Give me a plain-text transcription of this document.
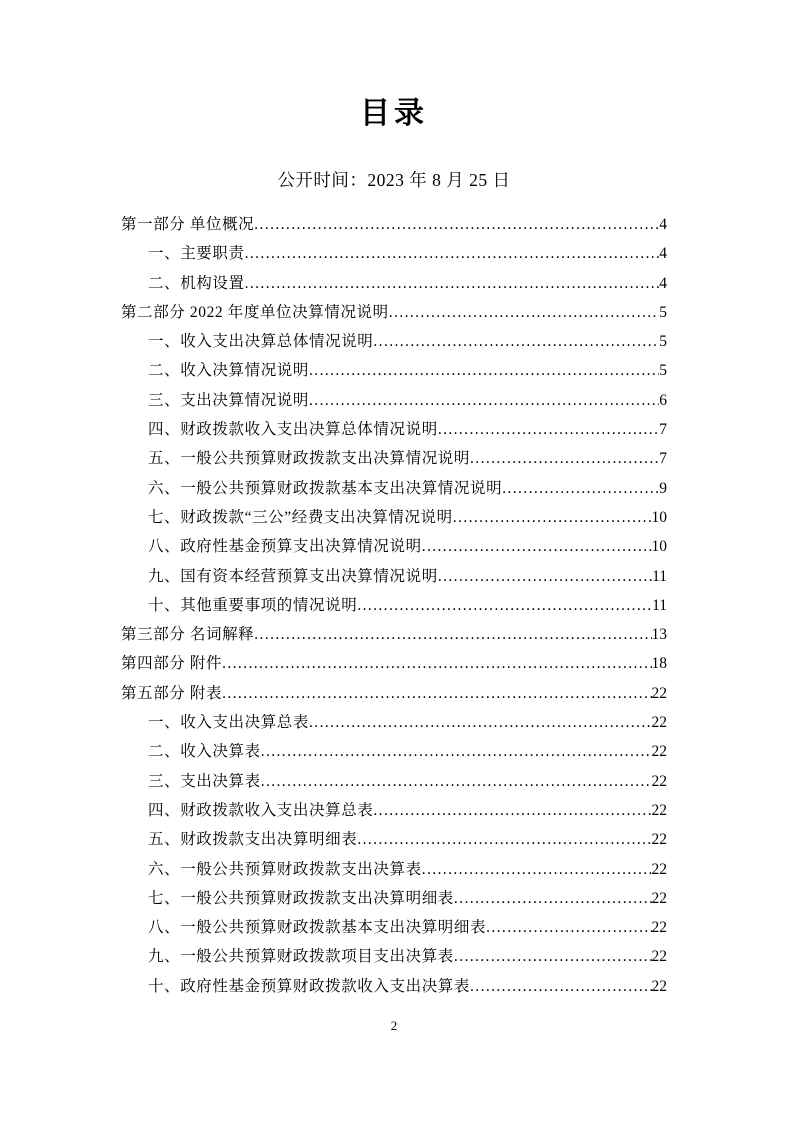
目录
公开时间：2023 年 8 月 25 日
第一部分 单位概况 .....	4
一、主要职责 .....	4
二、机构设置 .....	4
第二部分 2022 年度单位决算情况说明 .....	5
一、收入支出决算总体情况说明 .....	5
二、收入决算情况说明 .....	5
三、支出决算情况说明 .....	6
四、财政拨款收入支出决算总体情况说明 .....	7
五、一般公共预算财政拨款支出决算情况说明 .....	7
六、一般公共预算财政拨款基本支出决算情况说明 .....	9
七、财政拨款“三公”经费支出决算情况说明 .....	10
八、政府性基金预算支出决算情况说明 .....	10
九、国有资本经营预算支出决算情况说明 .....	11
十、其他重要事项的情况说明 .....	11
第三部分 名词解释 .....	13
第四部分 附件 .....	18
第五部分 附表 .....	22
一、收入支出决算总表 .....	22
二、收入决算表 .....	22
三、支出决算表 .....	22
四、财政拨款收入支出决算总表 .....	22
五、财政拨款支出决算明细表 .....	22
六、一般公共预算财政拨款支出决算表 .....	22
七、一般公共预算财政拨款支出决算明细表 .....	22
八、一般公共预算财政拨款基本支出决算明细表 .....	22
九、一般公共预算财政拨款项目支出决算表 .....	22
十、政府性基金预算财政拨款收入支出决算表 .....	22
2
